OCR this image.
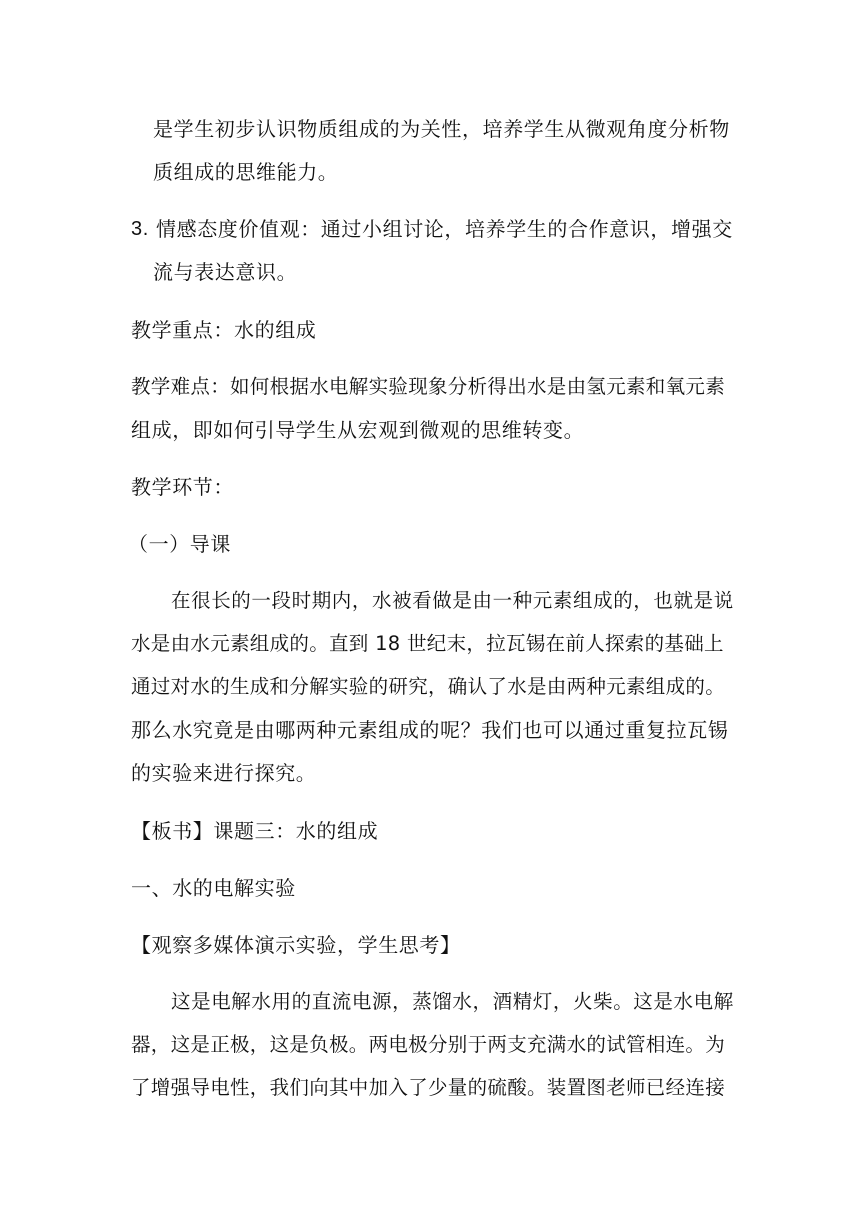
是学生初步认识物质组成的为关性，培养学生从微观角度分析物
质组成的思维能力。
3. 情感态度价值观：通过小组讨论，培养学生的合作意识，增强交
流与表达意识。
教学重点：水的组成
教学难点：如何根据水电解实验现象分析得出水是由氢元素和氧元素
组成，即如何引导学生从宏观到微观的思维转变。
教学环节：
（一）导课
在很长的一段时期内，水被看做是由一种元素组成的，也就是说
水是由水元素组成的。直到 18 世纪末，拉瓦锡在前人探索的基础上
通过对水的生成和分解实验的研究，确认了水是由两种元素组成的。
那么水究竟是由哪两种元素组成的呢？我们也可以通过重复拉瓦锡
的实验来进行探究。
【板书】课题三：水的组成
一、水的电解实验
【观察多媒体演示实验，学生思考】
这是电解水用的直流电源，蒸馏水，酒精灯，火柴。这是水电解
器，这是正极，这是负极。两电极分别于两支充满水的试管相连。为
了增强导电性，我们向其中加入了少量的硫酸。装置图老师已经连接
